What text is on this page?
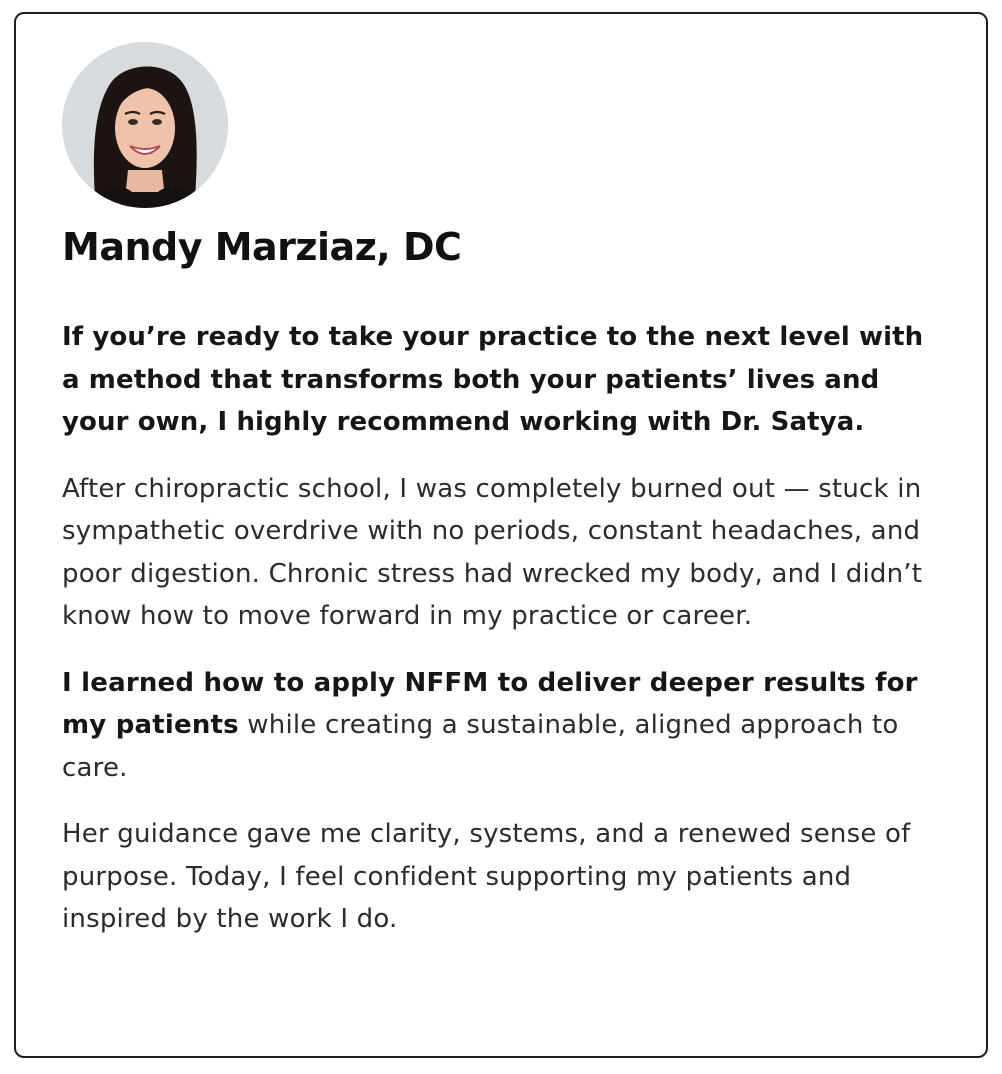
Mandy Marziaz, DC

If you’re ready to take your practice to the next level with a method that transforms both your patients’ lives and your own, I highly recommend working with Dr. Satya.

After chiropractic school, I was completely burned out — stuck in sympathetic overdrive with no periods, constant headaches, and poor digestion. Chronic stress had wrecked my body, and I didn’t know how to move forward in my practice or career.

I learned how to apply NFFM to deliver deeper results for my patients while creating a sustainable, aligned approach to care.

Her guidance gave me clarity, systems, and a renewed sense of purpose. Today, I feel confident supporting my patients and inspired by the work I do.
